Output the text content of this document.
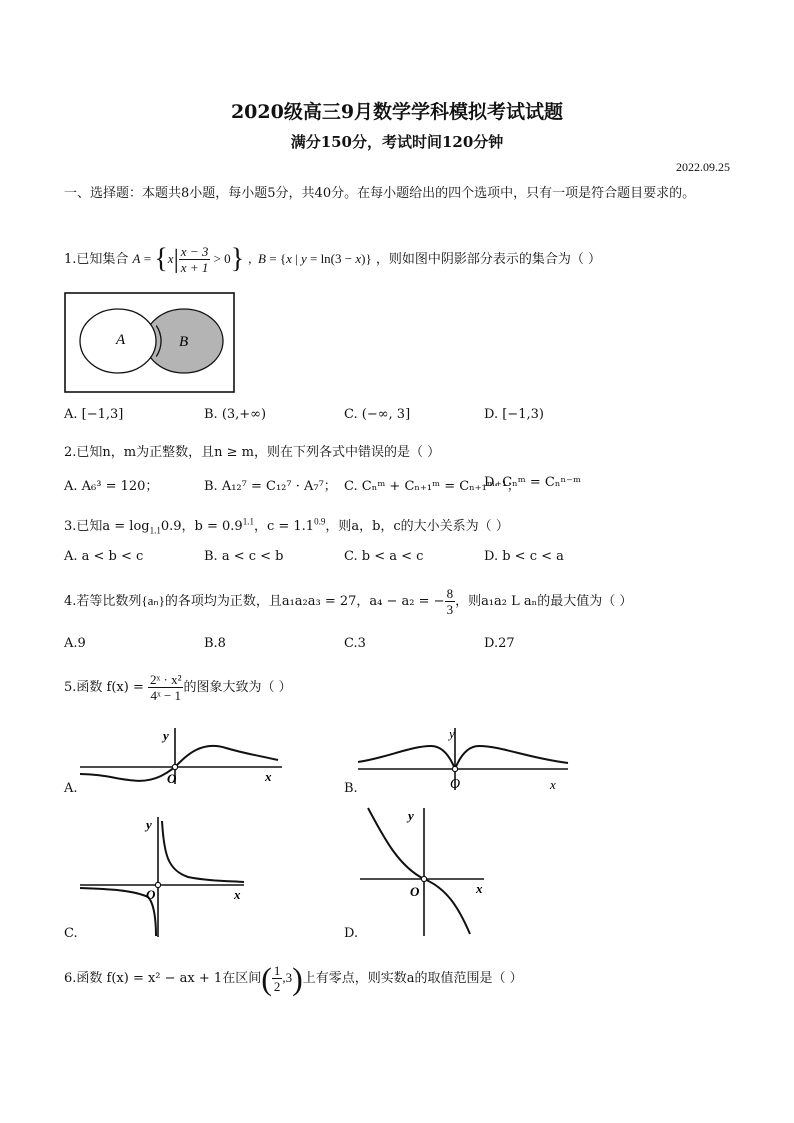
2020级高三9月数学学科模拟考试试题
满分150分，考试时间120分钟
2022.09.25
一、选择题：本题共8小题，每小题5分，共40分。在每小题给出的四个选项中，只有一项是符合题目要求的。
1.已知集合 $A = \{x| \frac{x - 3}{x + 1} > 0\}$ ,  B = {x | y = ln(3 − x)} ，则如图中阴影部分表示的集合为（ ）
A	B
A. [−1,3]	B. (3,+∞)	C. (−∞, 3]	D. [−1,3)
2.已知n，m为正整数，且n ≥ m，则在下列各式中错误的是（ ）
A. A₆³ = 120；	B. A₁₂⁷ = C₁₂⁷ · A₇⁷； C. Cₙᵐ + Cₙ₊₁ᵐ = Cₙ₊₁ᵐ⁺¹；
D. Cₙᵐ = Cₙⁿ⁻ᵐ
3.已知$a = \log_{1.1}0.9$，$b = 0.9^{1.1}$，$c = 1.1^{0.9}$，则a，b，c的大小关系为（ ）
A. a < b < c	B. a < c < b	C. b < a < c	D. b < c < a
4.若等比数列{aₙ}的各项均为正数，且a₁a₂a₃ = 27，a₄ − a₂ = − $\frac{8}{3}$ ，则a₁a₂ L aₙ的最大值为（ ）
A.9	B.8	C.3	D.27
5.函数 $f(x) = \frac{\text{2ˣ · x²}}{\text{4ˣ − 1}}$ 的图象大致为（ ）
y
O	x
A.
y
O	x
B.
y
O	x
C.
y
O	x
D.
6.函数 f(x) = x² − ax + 1在区间( $\frac{1}{2} ,3$)上有零点，则实数a的取值范围是（ ）
